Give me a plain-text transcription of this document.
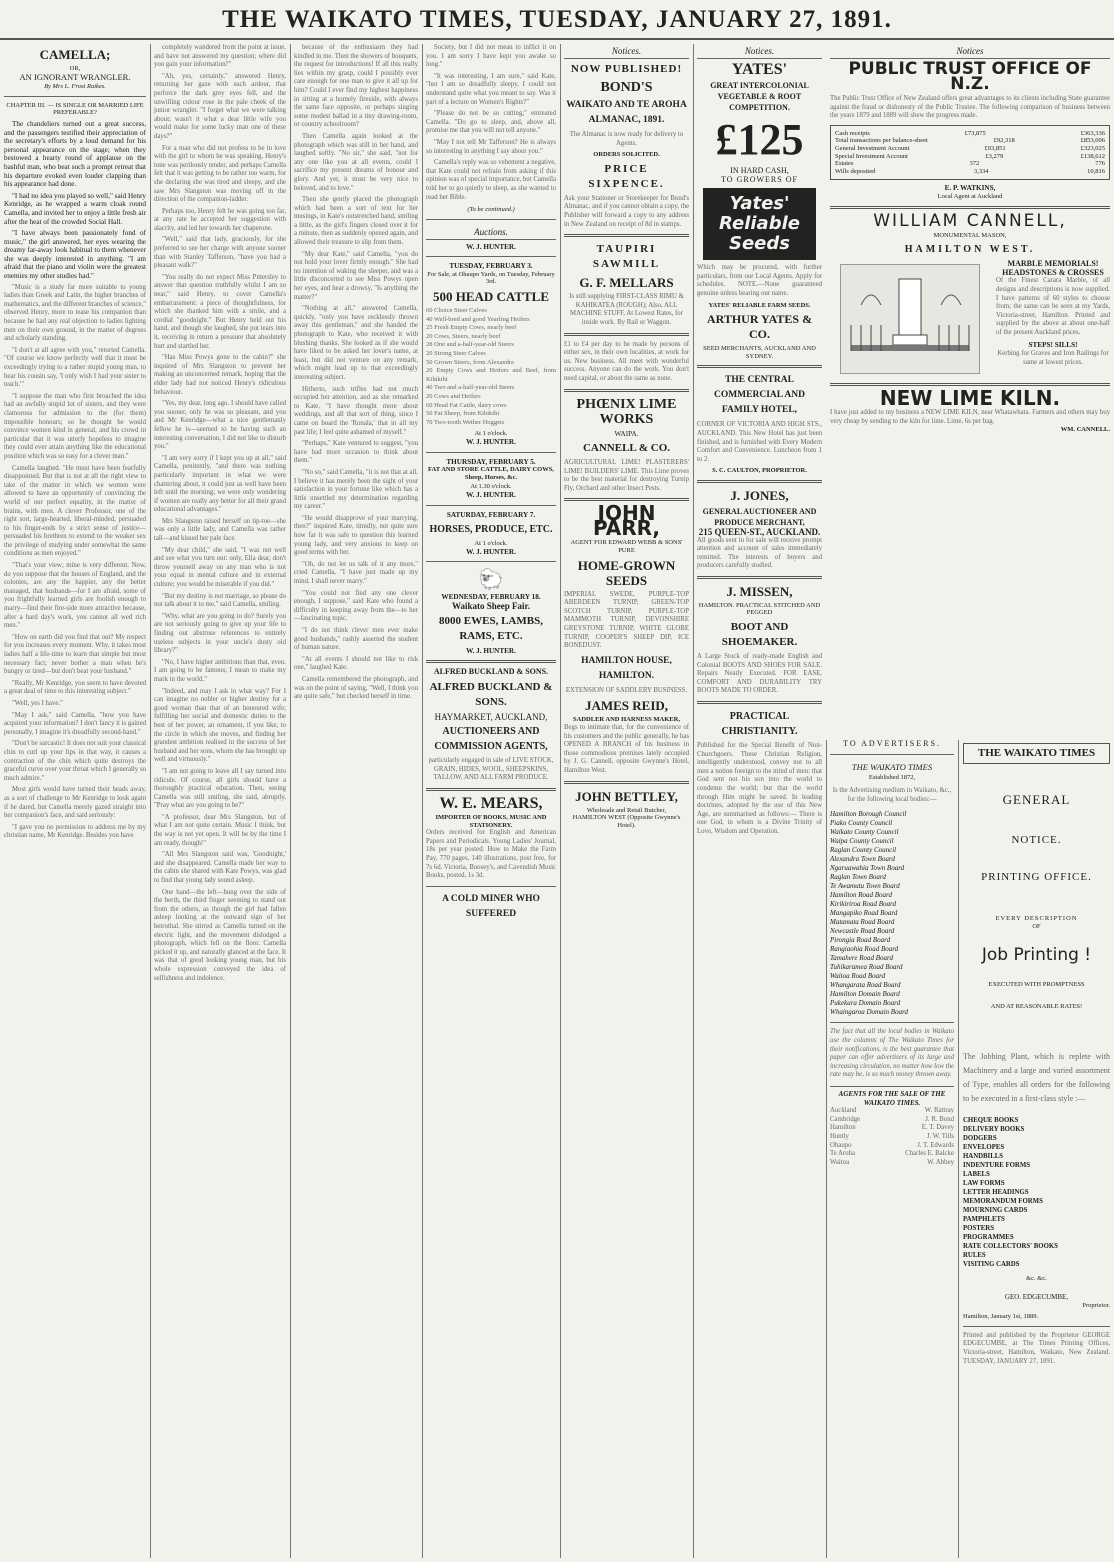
THE WAIKATO TIMES, TUESDAY, JANUARY 27, 1891.
CAMELLA;
OR,
AN IGNORANT WRANGLER.
By Mrs L. Frost Raikes.
CHAPTER III. — IS SINGLE OR MARRIED LIFE PREFERABLE?

The chandeliers turned out a great success, and the passengers testified their appreciation of the secretary's efforts by a loud demand for his personal appearance on the stage; when they bestowed a hearty round of applause on the bashful man, who beat such a prompt retreat that his departure evoked even louder clapping than his appearance had done.

"I had no idea you played so well," said Henry Kenridge, as he wrapped a warm cloak round Camella, and invited her to enjoy a little fresh air after the heat of the crowded Social Hall.

"I have always been passionately fond of music," the girl answered, her eyes wearing the dreamy far-away look habitual to them whenever she was deeply interested in anything. "I am afraid that the piano and violin were the greatest enemies my other studies had."

"Music is a study far more suitable to young ladies than Greek and Latin, the higher branches of mathematics, and the different branches of science," observed Henry, more to tease his companion than because he had any real objection to ladies lighting men on their own ground, in the matter of degrees and scholarly standing.

"I don't at all agree with you," retorted Camella. "Of course we know perfectly well that it must be exceedingly trying to a rather stupid young man, to hear his cousin say, 'I only wish I had your sister to teach.'"

"I suppose the man who first broached the idea had an awfully stupid lot of sisters, and they were clamorous for admission to the (for them) impossible honours; so he thought he would convince women kind in general, and his crowd in particular that it was utterly hopeless to imagine they could ever attain anything like the educational position which was so easy for a clever man."

Camella laughed. "He must have been fearfully disappointed. But that is not at all the right view to take of the matter in which we women were allowed to have an opportunity of convincing the world of our perfect equality, in the matter of brains, with men. A clever Professor, one of the right sort, large-hearted, liberal-minded, persuaded to his finger-ends by a strict sense of justice—persuaded his brethren to extend to the weaker sex the privilege of studying under somewhat the same conditions as men enjoyed."

"That's your view; mine is very different. Now, do you suppose that the houses of England, and the colonies, are any the happier, any the better managed, that husbands—for I am afraid, some of you frightfully learned girls are foolish enough to marry—find their fire-side more attractive because, after a hard day's work, you cannot all wed rich men."

"How on earth did you find that out? My respect for you increases every moment. Why, it takes most ladies half a life-time to learn that simple but most necessary fact; never bother a man when he's hungry or tired—but don't beat your husband."

"Really, Mr Kenridge, you seem to have devoted a great deal of time to this interesting subject."

"Well, yes I have."

"May I ask," said Camella, "how you have acquired your information? I don't fancy it is gained personally, I imagine it's dreadfully second-hand."

"Don't be sarcastic! It does not suit your classical chin to curl up your lips in that way, it causes a contraction of the chin which quite destroys the graceful curve over your throat which I generally so much admire."

Most girls would have turned their heads away, as a sort of challenge to Mr Kenridge to look again if he dared, but Camella merely gazed straight into her companion's face, and said seriously:

"I gave you no permission to address me by my christian name, Mr Kenridge. Besides you have

completely wandered from the point at issue, and have not answered my question; where did you gain your information?"

"Ah, yes, certainly," answered Henry, returning her gaze with such ardour, that perforce the dark grey eyes fell, and the unwilling colour rose in the pale cheek of the junior wrangler. "I forget what we were talking about; wasn't it what a dear little wife you would make for some lucky man one of these days?"

For a man who did not profess to be in love with the girl to whom he was speaking, Henry's tone was perilously tender, and perhaps Camella felt that it was getting to be rather too warm, for she declaring she was tired and sleepy, and she saw Mrs Slangston was moving off in the direction of the companion-ladder.

Perhaps too, Henry felt he was going too far, at any rate he accepted her suggestion with alacrity, and led her towards her chaperone.

"Well," said that lady, graciously, for she preferred to see her charge with anyone sooner than with Stanley Tafferson, "have you had a pleasant walk?"

"You really do not expect Miss Pittersley to answer that question truthfully whilst I am so near," said Henry, to cover Camella's embarrassment: a piece of thoughtfulness, for which she thanked him with a smile, and a cordial "goodnight." But Henry held out his hand, and though she laughed, she put tears into it, receiving in return a pressure that absolutely hurt and startled her.

"Has Miss Powys gone to the cabin?" she inquired of Mrs Slangston to prevent her making an unconcerned remark, hoping that the elder lady had not noticed Henry's ridiculous behaviour.

"Yes, my dear, long ago. I should have called you sooner, only he was so pleasant, and you and Mr Kenridge—what a nice gentlemanly fellow he is—seemed to be having such an interesting conversation, I did not like to disturb you."

"I am very sorry if I kept you up at all," said Camella, penitently, "and there was nothing particularly important in what we were chattering about, it could just as well have been left until the morning; we were only wondering if women are really any better for all their grand educational advantages."

Mrs Slangston raised herself on tip-toe—she was only a little lady, and Camella was rather tall—and kissed her pale face.

"My dear child," she said, "I was not well and see what you turn out: only, Ella dear, don't throw yourself away on any man who is not your equal in mental culture and in external culture; you would be miserable if you did."

"But my destiny is not marriage, so please do not talk about it to me," said Camella, smiling.

"Why, what are you going to do? Surely you are not seriously going to give up your life to finding out abstruse references to entirely useless subjects in your uncle's dusty old library?"

"No, I have higher ambitions than that, even. I am going to be famous; I mean to make my mark in the world."

"Indeed, and may I ask in what way? For I can imagine no nobler or higher destiny for a good woman than that of an honoured wife; fulfilling her social and domestic duties to the best of her power, an ornament, if you like, to the circle in which she moves, and finding her grandest ambition realised in the success of her husband and her sons, whom she has brought up well and virtuously."

"I am not going to leave all I say turned into ridicule. Of course, all girls should have a thoroughly practical education. Then, seeing Camella was still smiling, she said, abruptly, "Pray what are you going to be?"

"A professor, dear Mrs Slangston, but of what I am not quite certain. Music I think, but the way is not yet open. It will be by the time I am ready, though!"

"All Mrs Slangston said was, 'Goodnight,' and she disappeared. Camella made her way to the cabin she shared with Kate Powys, was glad to find that young lady sound asleep.

One hand—the left—hung over the side of the berth, the third finger seeming to stand out from the others, as though the girl had fallen asleep looking at the outward sign of her betrothal. She stirred as Camella turned on the electric light, and the movement dislodged a photograph, which fell on the floor. Camella picked it up, and naturally glanced at the face. It was that of good looking young man, but his whole expression conveyed the idea of selfishness and indolence.

because of the enthusiasm they had kindled in me. Then the showers of bouquets, the request for introductions! If all this really lies within my grasp, could I possibly ever care enough for one man to give it all up for him? Could I ever find my highest happiness in sitting at a homely fireside, with always the same face opposite, or perhaps singing some modest ballad in a tiny drawing-room, or country schoolroom?

Then Camella again looked at the photograph which was still in her hand, and laughed softly. "No sir," she said, "not for any one like you at all events, could I sacrifice my present dreams of honour and glory. And yet, it must be very nice to beloved, and to love."

Then she gently placed the photograph which had been a sort of text for her musings, in Kate's outstretched hand, smiling a little, as the girl's fingers closed over it for a minute, then as suddenly opened again, and allowed their treasure to slip from them.

"My dear Kate," said Camella, "you do not hold your lover firmly enough." She had no intention of waking the sleeper, and was a little disconcerted to see Miss Powys open her eyes, and hear a drowsy, "Is anything the matter?"

"Nothing at all," answered Camella, quickly, "only you have recklessly thrown away this gentleman," and she handed the photograph to Kate, who received it with blushing thanks. She looked as if she would have liked to be asked her lover's name, at least, but did not venture on any remark, which might lead up to that exceedingly interesting subject.

Hitherto, such trifles had not much occupied her attention, and as she remarked to Kate, "I have thought more about weddings, and all that sort of thing, since I came on board the 'Ronala,' that in all my past life; I feel quite ashamed of myself."

"Perhaps," Kate ventured to suggest, "you have had more occasion to think about them."

"No so," said Camella, "it is not that at all. I believe it has merely been the sight of your satisfaction in your fortune like which has a little unsettled my determination regarding my career."

"He would disapprove of your marrying, then?" inquired Kate, timidly, not quite sure how far it was safe to question this learned young lady, and very anxious to keep on good terms with her.

"Oh, do not let us talk of it any more," cried Camella, "I have just made up my mind. I shall never marry."

"You could not find any one clever enough, I suppose," said Kate who found a difficulty in keeping away from the—to her—fascinating topic.

"I do not think clever men ever make good husbands," rashly asserted the student of human nature.

"At all events I should not like to risk one," laughed Kate.

Camella remembered the photograph, and was on the point of saying, "Well, I think you are quite safe," but checked herself in time.

Society, but I did not mean to inflict it on you. I am sorry I have kept you awake so long."

"It was interesting, I am sure," said Kate, "but I am so dreadfully sleepy, I could not understand quite what you meant to say. Was it part of a lecture on Women's Rights?"

"Please do not be so cutting," entreated Camella. "Do go to sleep, and, above all, promise me that you will not tell anyone."

"May I not tell Mr Tafferson? He is always so interesting in anything I say about you."

Camella's reply was so vehement a negative, that Kate could not refrain from asking if this opinion was of special importance, but Camella told her to go quietly to sleep, as she wanted to read her Bible.

(To be continued.)
Auctions.
W. J. HUNTER.
TUESDAY, FEBRUARY 3.
For Sale, at Ohaupo Yards, on Tuesday, February 3rd.
500 HEAD CATTLE
60 Choice Steer Calves
40 Well-bred and good Yearling Heifers
25 Fresh Empty Cows, nearly beef
20 Cows, Steers, nearly beef
28 One and a-half-year-old Steers
20 Strong Steer Calves
50 Grown Steers, from Alexandra
20 Empty Cows and Heifers and Beef, from Kihikihi
40 Two and a-half-year-old Steers
20 Cows and Heifers
60 Head Fat Cattle, dairy cows
50 Fat Sheep, from Kihikihi
70 Two-tooth Wether Hoggets
At 1 o'clock.
W. J. HUNTER.
THURSDAY, FEBRUARY 5.
FAT AND STORE CATTLE, DAIRY COWS, Sheep, Horses, &c.
At 1.30 o'clock.
W. J. HUNTER.
SATURDAY, FEBRUARY 7.
HORSES, PRODUCE, ETC.
At 1 o'clock.
W. J. HUNTER.
🐑
WEDNESDAY, FEBRUARY 18.
Waikato Sheep Fair.
8000 EWES, LAMBS, RAMS, ETC.
W. J. HUNTER.
ALFRED BUCKLAND & SONS.
ALFRED BUCKLAND & SONS.
HAYMARKET, AUCKLAND,
AUCTIONEERS AND COMMISSION AGENTS,
particularly engaged in sale of LIVE STOCK, GRAIN, HIDES, WOOL, SHEEPSKINS, TALLOW, AND ALL FARM PRODUCE.
W. E. MEARS,
IMPORTER OF BOOKS, MUSIC AND STATIONERY.
Orders received for English and American Papers and Periodicals. Young Ladies' Journal, 18s per year posted. How to Make the Farm Pay, 770 pages, 140 illustrations, post free, for 7s 6d. Victoria, Boosey's, and Cavendish Music Books, posted, 1s 3d.
A COLD MINER WHO SUFFERED
Notices.
NOW PUBLISHED!
BOND'S
WAIKATO AND TE AROHA ALMANAC, 1891.
The Almanac is now ready for delivery to Agents.
ORDERS SOLICITED.
PRICE SIXPENCE.
Ask your Stationer or Storekeeper for Bond's Almanac, and if you cannot obtain a copy, the Publisher will forward a copy to any address in New Zealand on receipt of 8d in stamps.
TAUPIRI SAWMILL
G. F. MELLARS
Is still supplying FIRST-CLASS RIMU & KAHIKATEA (ROUGH); Also, ALL MACHINE STUFF, At Lowest Rates, for inside work. By Rail or Waggon.
£1 to £4 per day to be made by persons of either sex, in their own localities, at work for us. New business. All meet with wonderful success. Anyone can do the work. You don't need capital, or about the same as none.
PHŒNIX LIME WORKS
WAIPA.
CANNELL & CO.
AGRICULTURAL LIME! PLASTERERS' LIME! BUILDERS' LIME. This Lime proves to be the best material for destroying Turnip Fly, Orchard and other Insect Pests.
JOHN PARR,
AGENT FOR EDWARD WEBB & SONS' PURE
HOME-GROWN SEEDS
IMPERIAL SWEDE, PURPLE-TOP ABERDEEN TURNIP, GREEN-TOP SCOTCH TURNIP, PURPLE-TOP MAMMOTH TURNIP, DEVONSHIRE GREYSTONE TURNIP, WHITE GLOBE TURNIP, COOPER'S SHEEP DIP, ICE BONEDUST.
HAMILTON HOUSE, HAMILTON.
EXTENSION OF SADDLERY BUSINESS.
JAMES REID,
SADDLER AND HARNESS MAKER,
Begs to intimate that, for the convenience of his customers and the public generally, he has OPENED A BRANCH of his business in those commodious premises lately occupied by J. G. Cannell, opposite Gwynne's Hotel, Hamilton West.
JOHN BETTLEY,
Wholesale and Retail Butcher,
HAMILTON WEST (Opposite Gwynne's Hotel).
Notices.
YATES'
GREAT INTERCOLONIAL VEGETABLE & ROOT COMPETITION.
£125
IN HARD CASH,
TO GROWERS OF
Yates' Reliable Seeds
Which may be procured, with further particulars, from our Local Agents. Apply for schedules. NOTE.—None guaranteed genuine unless bearing our name.
YATES' RELIABLE FARM SEEDS.
ARTHUR YATES & CO.
SEED MERCHANTS, AUCKLAND AND SYDNEY.
THE CENTRAL COMMERCIAL AND FAMILY HOTEL,
CORNER OF VICTORIA AND HIGH STS., AUCKLAND. This New Hotel has just been finished, and is furnished with Every Modern Comfort and Convenience. Luncheon from 1 to 2.
S. C. CAULTON, PROPRIETOR.
J. JONES,
GENERAL AUCTIONEER AND PRODUCE MERCHANT,
215 QUEEN-ST., AUCKLAND.
All goods sent in for sale will receive prompt attention and account of sales immediately remitted. The interests of buyers and producers carefully studied.
J. MISSEN,
HAMILTON. PRACTICAL STITCHED AND PEGGED
BOOT AND SHOEMAKER.
A Large Stock of ready-made English and Colonial BOOTS AND SHOES FOR SALE. Repairs Neatly Executed. FOR EASE, COMFORT AND DURABILITY TRY BOOTS MADE TO ORDER.
PRACTICAL CHRISTIANITY.
Published for the Special Benefit of Non-Churchgoers. These Christian Religion, intelligently understood, convey not to all men a notion foreign to the mind of men: that God sent not his son into the world to condemn the world; but that the world through Him might be saved. In leading doctrines, adopted by the use of this New Age, are summarised as follows:— There is one God, in whom is a Divine Trinity of Love, Wisdom and Operation.
Notices
PUBLIC TRUST OFFICE OF N.Z.
The Public Trust Office of New Zealand offers great advantages to its clients including State guarantee against the fraud or dishonesty of the Public Trustee. The following comparison of business between the years 1879 and 1889 will shew the progress made.
Cash receipts	£73,875	£363,336
Total transactions per balance-sheet	£92,318	£853,006
General Investment Account	£93,851	£323,025
Special Investment Account	£3,279	£138,612
Estates	372	776
Wills deposited	3,334	10,816
E. P. WATKINS,
Local Agent at Auckland
WILLIAM CANNELL,
MONUMENTAL MASON,
HAMILTON WEST.
MARBLE MEMORIALS!
HEADSTONES & CROSSES
Of the Finest Carara Marble, of all designs and descriptions is now supplied. I have patterns of 60 styles to choose from; the same can be seen at my Yards, Victoria-street, Hamilton. Printed and supplied by the above at about one-half of the present Auckland prices.
STEPS! SILLS!
Kerbing for Graves and Iron Railings for same at lowest prices.
NEW LIME KILN.
I have just added to my business a NEW LIME KILN, near Whatawhata. Farmers and others may buy very cheap by sending to the kiln for lime. Lime, 6s per bag.
WM. CANNELL.
TO ADVERTISERS.
THE WAIKATO TIMES
Established 1872,
Is the Advertising medium in Waikato, &c., for the following local bodies:—
Hamilton Borough Council
Piako County Council
Waikato County Council
Waipa County Council
Raglan County Council
Alexandra Town Board
Ngaruawahia Town Board
Raglan Town Board
Te Awamutu Town Board
Hamilton Road Board
Kirikiriroa Road Board
Mangapiko Road Board
Matamata Road Board
Newcastle Road Board
Pirongia Road Board
Rangiaohia Road Board
Tamahere Road Board
Tuhikaramea Road Board
Waitoa Road Board
Whangarata Road Board
Hamilton Domain Board
Pukekura Domain Board
Whaingaroa Domain Board
The fact that all the local bodies in Waikato use the columns of The Waikato Times for their notifications, is the best guarantee that paper can offer advertisers of its large and increasing circulation, no matter how low the rate may be, is so much money thrown away.
AGENTS FOR THE SALE OF THE WAIKATO TIMES.
Auckland	W. Rattray
Cambridge	J. R. Bond
Hamilton	E. T. Davey
Huntly	J. W. Tills
Ohaupo	J. T. Edwards
Te Aroha	Charles E. Balcke
Waitoa	W. Abbey
THE WAIKATO TIMES
GENERAL
NOTICE.
PRINTING OFFICE.
EVERY DESCRIPTION
OF
Job Printing !
EXECUTED WITH PROMPTNESS
AND AT REASONABLE RATES!
The Jobbing Plant, which is replete with Machinery and a large and varied assortment of Type, enables all orders for the following to be executed in a first-class style :—
CHEQUE BOOKS
DELIVERY BOOKS
DODGERS
ENVELOPES
HANDBILLS
INDENTURE FORMS
LABELS
LAW FORMS
LETTER HEADINGS
MEMORANDUM FORMS
MOURNING CARDS
PAMPHLETS
POSTERS
PROGRAMMES
RATE COLLECTORS' BOOKS
RULES
VISITING CARDS
&c. &c.
GEO. EDGECUMBE,
Proprietor.
Hamilton, January 1st, 1889.
Printed and published by the Proprietor GEORGE EDGECUMBE, at The Times Printing Offices, Victoria-street, Hamilton, Waikato, New Zealand. TUESDAY, JANUARY 27, 1891.
